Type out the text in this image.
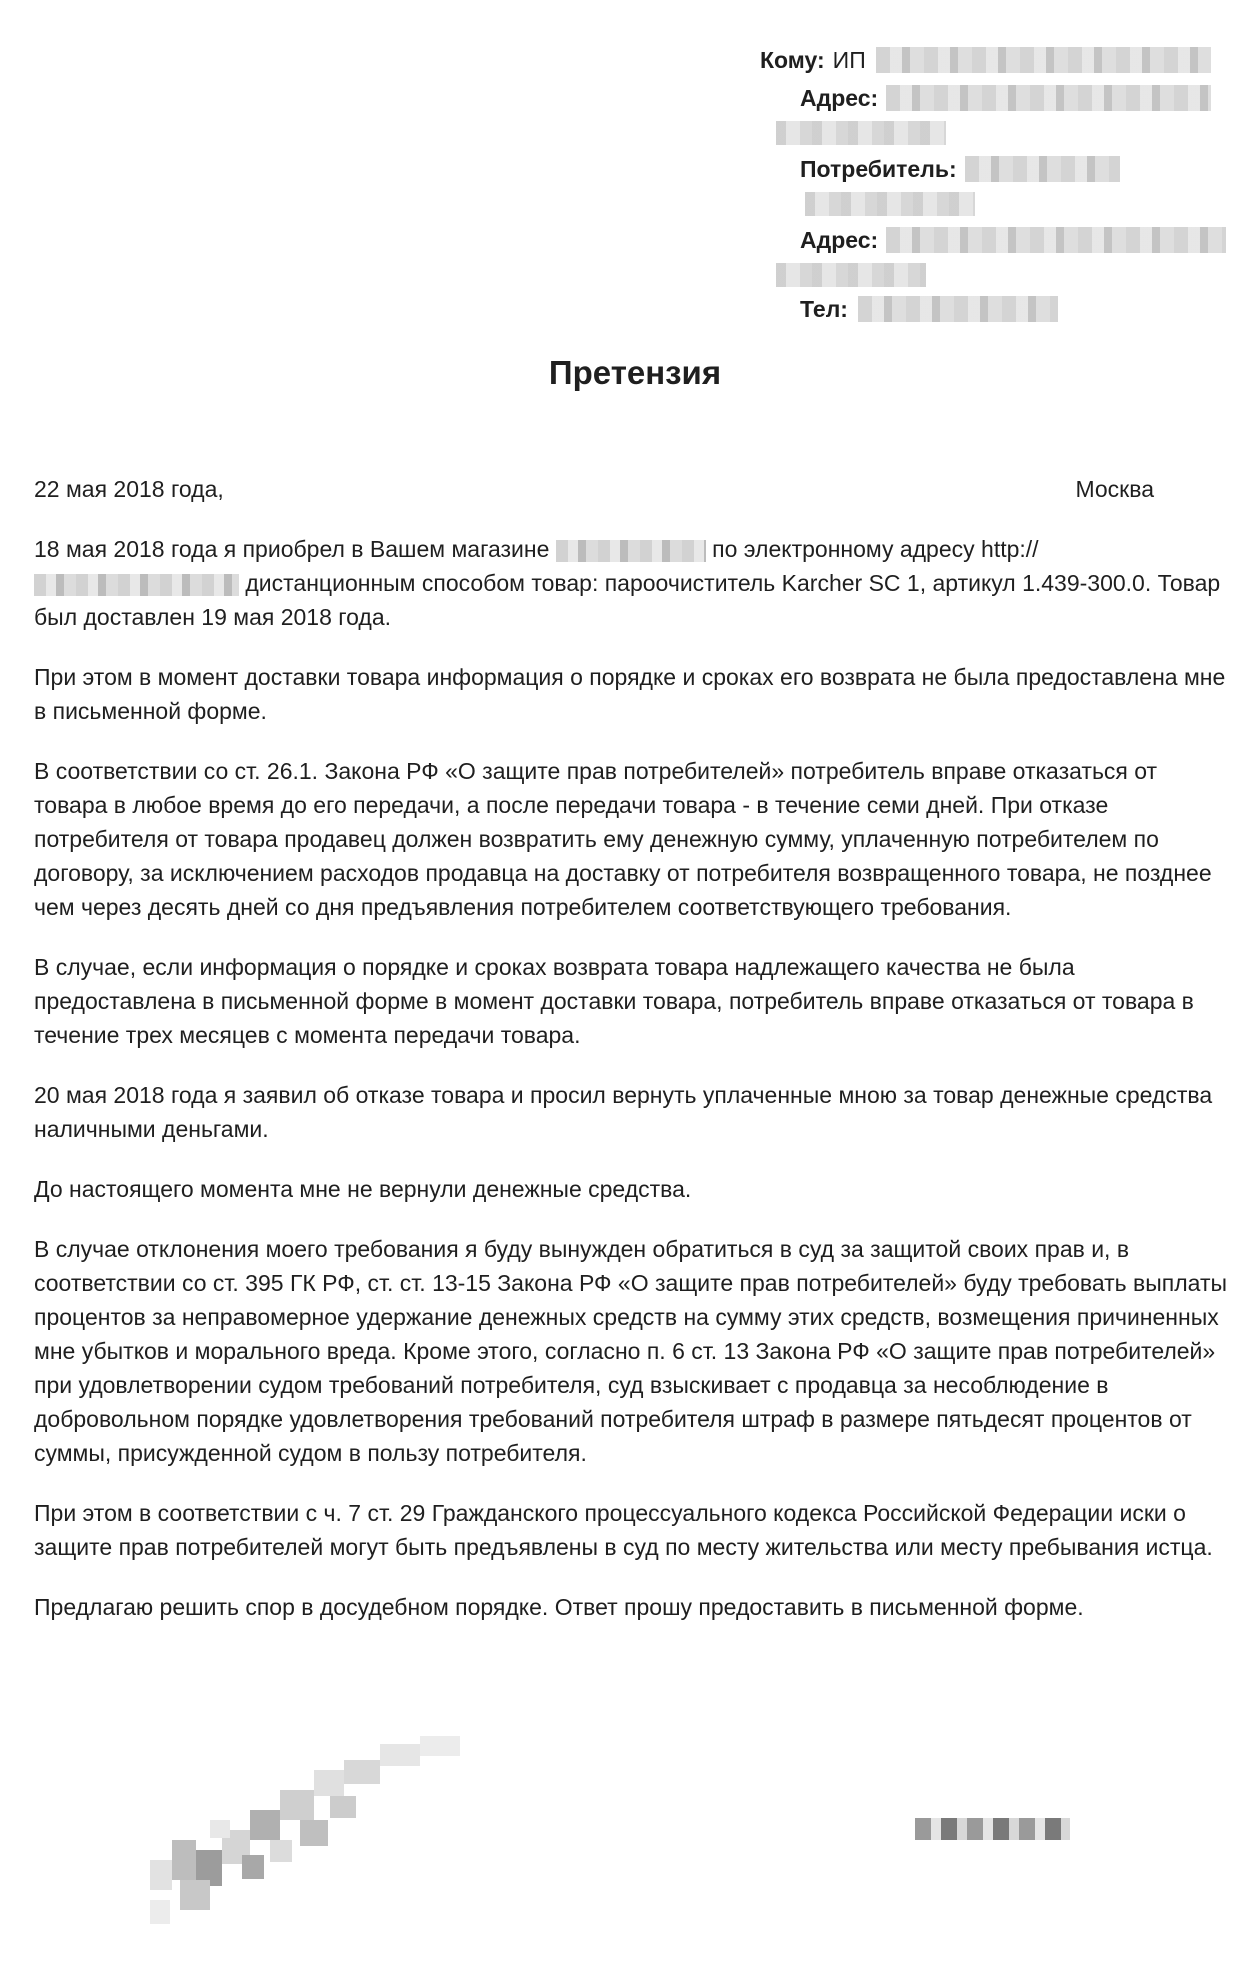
Кому: ИП
Адрес:
Потребитель:
Адрес:
Тел:
Претензия
22 мая 2018 года,	Москва

18 мая 2018 года я приобрел в Вашем магазине	по электронному адресу http:// дистанционным способом товар: пароочиститель Karcher SC 1, артикул 1.439-300.0. Товар был доставлен 19 мая 2018 года.

При этом в момент доставки товара информация о порядке и сроках его возврата не была предоставлена мне в письменной форме.

В соответствии со ст. 26.1. Закона РФ «О защите прав потребителей» потребитель вправе отказаться от товара в любое время до его передачи, а после передачи товара - в течение семи дней. При отказе потребителя от товара продавец должен возвратить ему денежную сумму, уплаченную потребителем по договору, за исключением расходов продавца на доставку от потребителя возвращенного товара, не позднее чем через десять дней со дня предъявления потребителем соответствующего требования.

В случае, если информация о порядке и сроках возврата товара надлежащего качества не была предоставлена в письменной форме в момент доставки товара, потребитель вправе отказаться от товара в течение трех месяцев с момента передачи товара.

20 мая 2018 года я заявил об отказе товара и просил вернуть уплаченные мною за товар денежные средства наличными деньгами.

До настоящего момента мне не вернули денежные средства.

В случае отклонения моего требования я буду вынужден обратиться в суд за защитой своих прав и, в соответствии со ст. 395 ГК РФ, ст. ст. 13-15 Закона РФ «О защите прав потребителей» буду требовать выплаты процентов за неправомерное удержание денежных средств на сумму этих средств, возмещения причиненных мне убытков и морального вреда. Кроме этого, согласно п. 6 ст. 13 Закона РФ «О защите прав потребителей» при удовлетворении судом требований потребителя, суд взыскивает с продавца за несоблюдение в добровольном порядке удовлетворения требований потребителя штраф в размере пятьдесят процентов от суммы, присужденной судом в пользу потребителя.

При этом в соответствии с ч. 7 ст. 29 Гражданского процессуального кодекса Российской Федерации иски о защите прав потребителей могут быть предъявлены в суд по месту жительства или месту пребывания истца.

Предлагаю решить спор в досудебном порядке. Ответ прошу предоставить в письменной форме.
